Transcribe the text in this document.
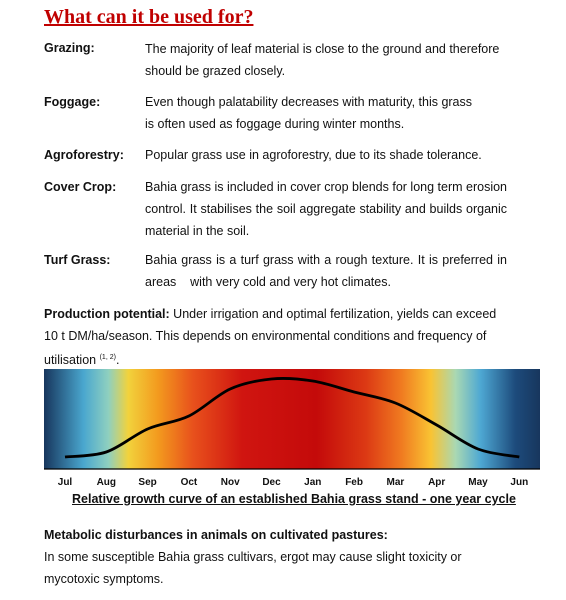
What can it be used for?
Grazing:	The majority of leaf material is close to the ground and therefore
should be grazed closely.
Foggage:	Even though palatability decreases with maturity, this grass
is often used as foggage during winter months.
Agroforestry: Popular grass use in agroforestry, due to its shade tolerance.
Cover Crop: Bahia grass is included in cover crop blends for long term erosion
control. It stabilises the soil aggregate stability and builds organic
material in the soil.
Turf Grass:	Bahia grass is a turf grass with a rough texture. It is preferred in
areas    with very cold and very hot climates.
Production potential: Under irrigation and optimal fertilization, yields can exceed
10 t DM/ha/season. This depends on environmental conditions and frequency of
utilisation $^{(1, 2)}$.
Jul Aug Sep Oct Nov Dec Jan Feb Mar Apr May Jun
Relative growth curve of an established Bahia grass stand - one year cycle
Metabolic disturbances in animals on cultivated pastures:
In some susceptible Bahia grass cultivars, ergot may cause slight toxicity or
mycotoxic symptoms.
